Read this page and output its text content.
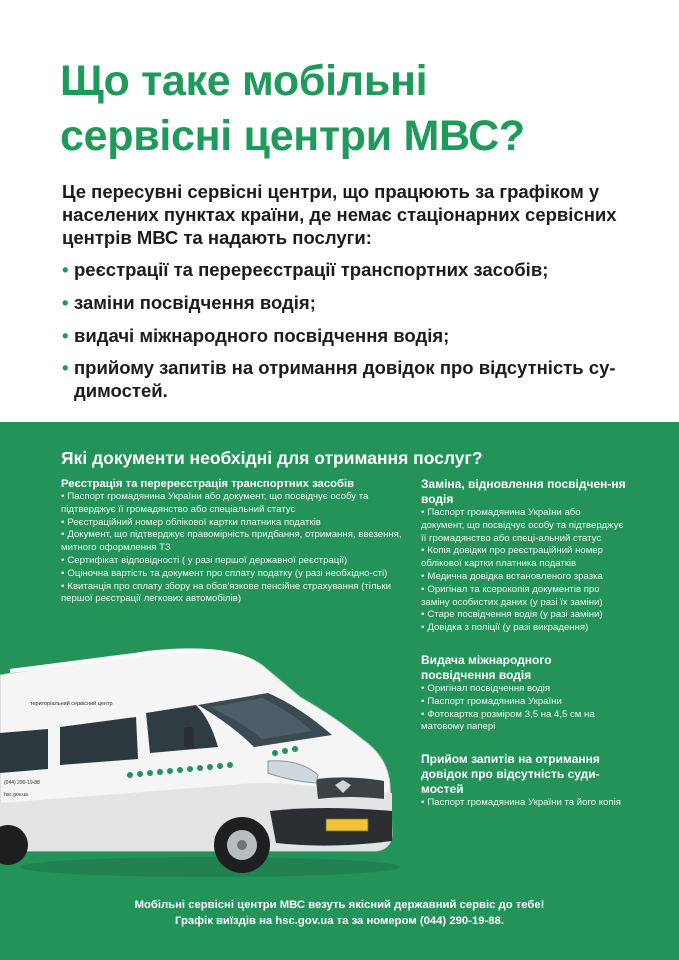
Що таке мобільні
сервісні центри МВС?

Це пересувні сервісні центри, що працюють за графіком у населених пунктах країни, де немає стаціонарних сервісних центрів МВС та надають послуги:

• реєстрації та перереєстрації транспортних засобів;
• заміни посвідчення водія;
• видачі міжнародного посвідчення водія;
• прийому запитів на отримання довідок про відсутність су-димостей.
Які документи необхідні для отримання послуг?
Реєстрація та перереєстрація транспортних засобів
• Паспорт громадянина України або документ, що посвідчує особу та підтверджує її громадянство або спеціальний статус
• Реєстраційний номер облікової картки платника податків
• Документ, що підтверджує правомірність придбання, отримання, ввезення, митного оформлення ТЗ
• Сертифікат відповідності ( у разі першої державної реєстрації)
• Оціночна вартість та документ про сплату податку (у разі необхідно-сті)
• Квитанція про сплату збору на обов'язкове пенсійне страхування (тільки першої реєстрації легкових автомобілів)
Заміна, відновлення посвідчен-ня водія
• Паспорт громадянина України або документ, що посвідчує особу та підтверджує її громадянство або спеці-альний статус
• Копія довідки про реєстраційний номер облікової картки платника податків
• Медична довідка встановленого зразка
• Оригінал та ксерокопія документів про заміну особистих даних (у разі їх заміни)
• Старе посвідчення водія (у разі заміни)
• Довідка з поліції (у разі викрадення)
Видача міжнародного посвідчення водія
• Оригінал посвідчення водія
• Паспорт громадянина України
• Фотокартка розміром 3,5 на 4,5 см на матовому папері
Прийом запитів на отримання довідок про відсутність суди-мостей
• Паспорт громадянина України та його копія
територіальний сервісний центр
(044) 290-19-88
hsc.gov.ua
Мобільні сервісні центри МВС везуть якісний державний сервіс до тебе!
Графік виїздів на hsc.gov.ua та за номером (044) 290-19-88.
